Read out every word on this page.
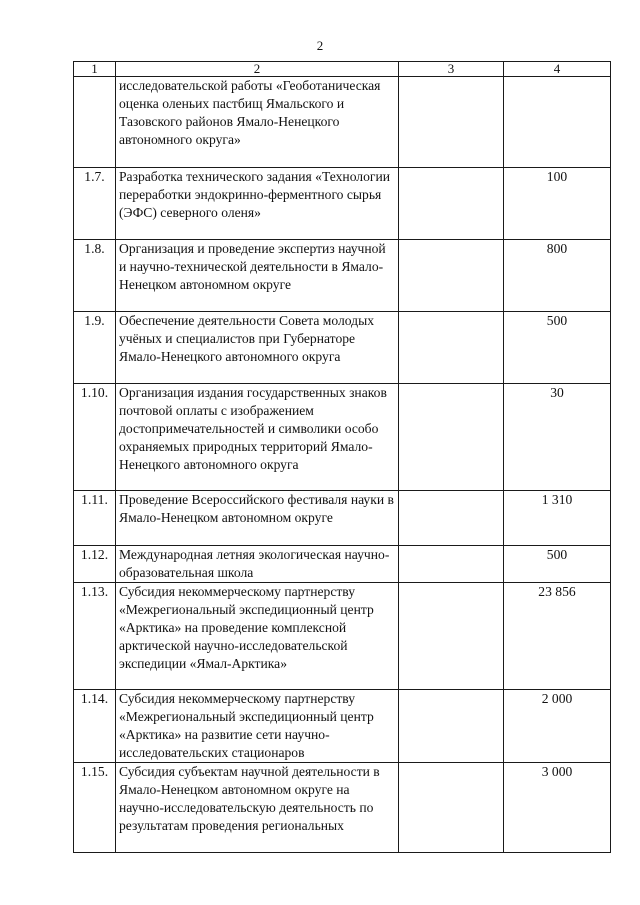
2
1	2	3	4
	исследовательской работы «Геоботаническая оценка оленьих пастбищ Ямальского и Тазовского районов Ямало-Ненецкого автономного округа»		
1.7.	Разработка технического задания «Технологии переработки эндокринно-ферментного сырья (ЭФС) северного оленя»		100
1.8.	Организация и проведение экспертиз научной и научно-технической деятельности в Ямало-Ненецком автономном округе		800
1.9.	Обеспечение деятельности Совета молодых учёных и специалистов при Губернаторе Ямало-Ненецкого автономного округа		500
1.10.	Организация издания государственных знаков почтовой оплаты с изображением достопримечательностей и символики особо охраняемых природных территорий Ямало-Ненецкого автономного округа		30
1.11.	Проведение Всероссийского фестиваля науки в Ямало-Ненецком автономном округе		1 310
1.12.	Международная летняя экологическая научно-образовательная школа		500
1.13.	Субсидия некоммерческому партнерству «Межрегиональный экспедиционный центр «Арктика» на проведение комплексной арктической научно-исследовательской экспедиции «Ямал-Арктика»		23 856
1.14.	Субсидия некоммерческому партнерству «Межрегиональный экспедиционный центр «Арктика» на развитие сети научно-исследовательских стационаров		2 000
1.15.	Субсидия субъектам научной деятельности в Ямало-Ненецком автономном округе на научно-исследовательскую деятельность по результатам проведения региональных		3 000
